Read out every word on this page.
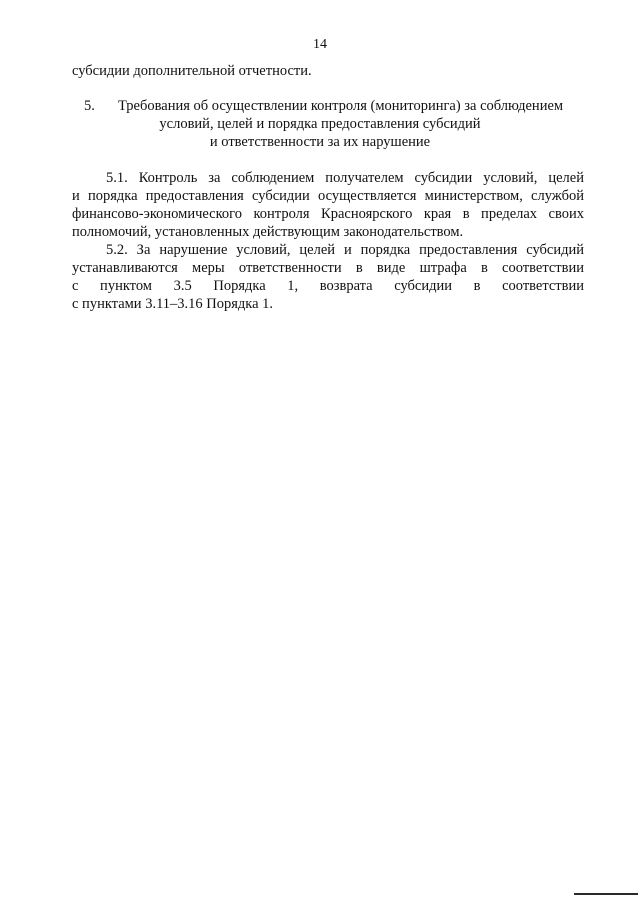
14
субсидии дополнительной отчетности.
5. Требования об осуществлении контроля (мониторинга) за соблюдением
условий, целей и порядка предоставления субсидий
и ответственности за их нарушение

5.1. Контроль за соблюдением получателем субсидии условий, целей
и порядка предоставления субсидии осуществляется министерством, службой
финансово-экономического контроля Красноярского края в пределах своих
полномочий, установленных действующим законодательством.

5.2. За нарушение условий, целей и порядка предоставления субсидий
устанавливаются меры ответственности в виде штрафа в соответствии
с пунктом 3.5 Порядка 1, возврата субсидии в соответствии
с пунктами 3.11–3.16 Порядка 1.
